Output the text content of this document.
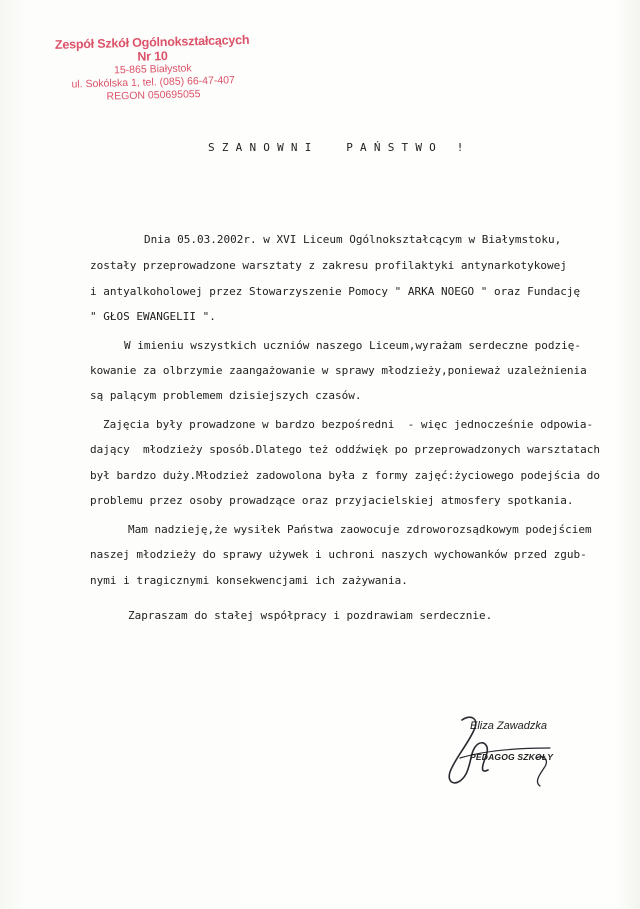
Zespół Szkół Ogólnokształcących Nr 10
15-865 Białystok
ul. Sokólska 1, tel. (085) 66-47-407
REGON 050695055
SZANOWNI  PAŃSTWO !
Dnia 05.03.2002r. w XVI Liceum Ogólnokształcącym w Białymstoku,
zostały przeprowadzone warsztaty z zakresu profilaktyki antynarkotykowej
i antyalkoholowej przez Stowarzyszenie Pomocy " ARKA NOEGO " oraz Fundację
" GŁOS EWANGELII ".
W imieniu wszystkich uczniów naszego Liceum,wyrażam serdeczne podzię-
kowanie za olbrzymie zaangażowanie w sprawy młodzieży,ponieważ uzależnienia
są palącym problemem dzisiejszych czasów.
Zajęcia były prowadzone w bardzo bezpośredni  - więc jednocześnie odpowia-
dający  młodzieży sposób.Dlatego też oddźwięk po przeprowadzonych warsztatach
był bardzo duży.Młodzież zadowolona była z formy zajęć:życiowego podejścia do
problemu przez osoby prowadzące oraz przyjacielskiej atmosfery spotkania.
Mam nadzieję,że wysiłek Państwa zaowocuje zdroworozsądkowym podejściem
naszej młodzieży do sprawy używek i uchroni naszych wychowanków przed zgub-
nymi i tragicznymi konsekwencjami ich zażywania.
Zapraszam do stałej współpracy i pozdrawiam serdecznie.
Eliza Zawadzka
PEDAGOG SZKOŁY
